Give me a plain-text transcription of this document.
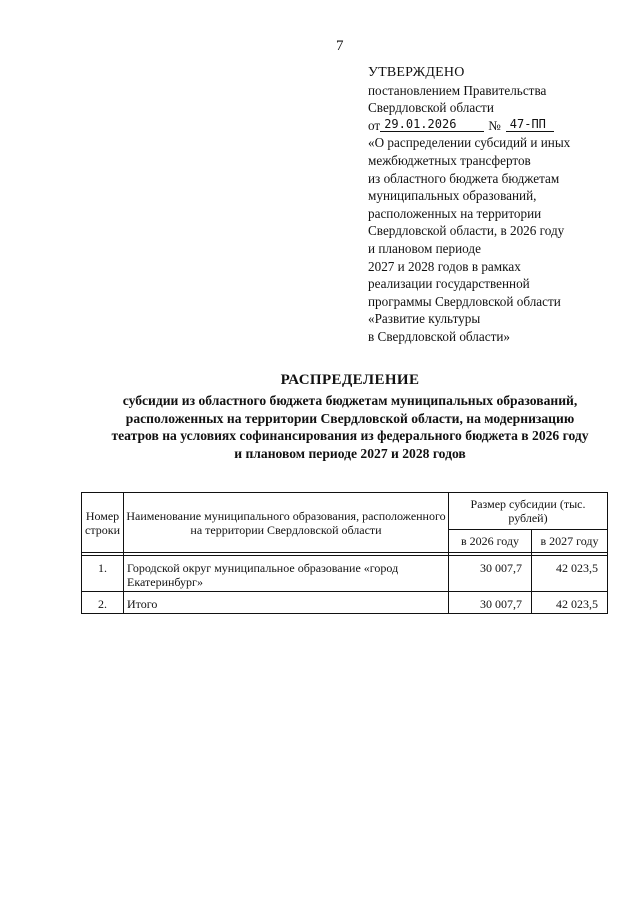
7
УТВЕРЖДЕНО
постановлением Правительства
Свердловской области
от 29.01.2026	№ 47-ПП
«О распределении субсидий и иных
межбюджетных трансфертов
из областного бюджета бюджетам
муниципальных образований,
расположенных на территории
Свердловской области, в 2026 году
и плановом периоде
2027 и 2028 годов в рамках
реализации государственной
программы Свердловской области
«Развитие культуры
в Свердловской области»
РАСПРЕДЕЛЕНИЕ
субсидии из областного бюджета бюджетам муниципальных образований,
расположенных на территории Свердловской области, на модернизацию
театров на условиях софинансирования из федерального бюджета в 2026 году
и плановом периоде 2027 и 2028 годов
Номер строки	Наименование муниципального образования, расположенного на территории Свердловской области	Размер субсидии (тыс. рублей)	
		в 2026 году	в 2027 году

1.	Городской округ муниципальное образование «город Екатеринбург»	30 007,7	42 023,5
2.	Итого	30 007,7	42 023,5
